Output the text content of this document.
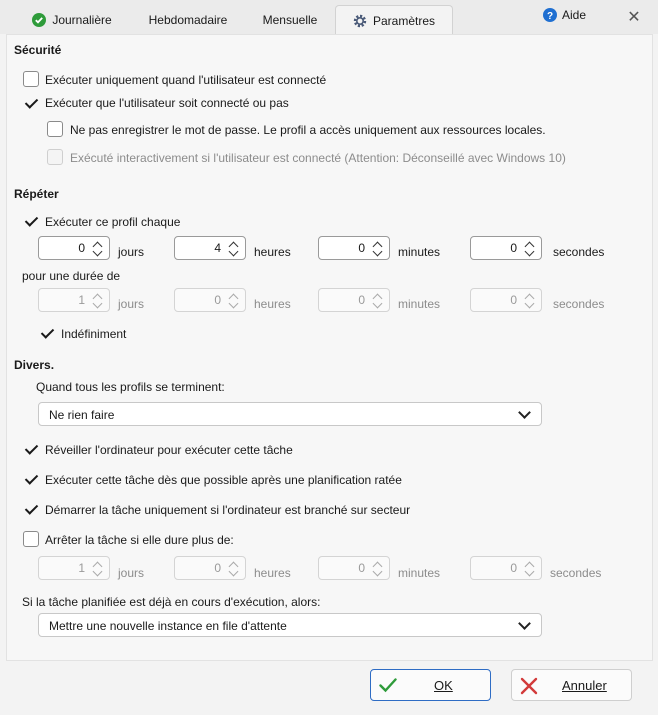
Journalière	Hebdomadaire	Mensuelle	Paramètres	? Aide	✕
Sécurité
Exécuter uniquement quand l'utilisateur est connecté
Exécuter que l'utilisateur soit connecté ou pas
Ne pas enregistrer le mot de passe. Le profil a accès uniquement aux ressources locales.
Exécuté interactivement si l'utilisateur est connecté (Attention: Déconseillé avec Windows 10)
Répéter
Exécuter ce profil chaque
0	jours	4	heures	0	minutes	0	secondes
pour une durée de
1	jours	0	heures	0	minutes	0	secondes
Indéfiniment
Divers.
Quand tous les profils se terminent:
Ne rien faire
Réveiller l'ordinateur pour exécuter cette tâche
Exécuter cette tâche dès que possible après une planification ratée
Démarrer la tâche uniquement si l'ordinateur est branché sur secteur
Arrêter la tâche si elle dure plus de:
1	jours	0	heures	0	minutes	0	secondes
Si la tâche planifiée est déjà en cours d'exécution, alors:
Mettre une nouvelle instance en file d'attente
OK	Annuler
